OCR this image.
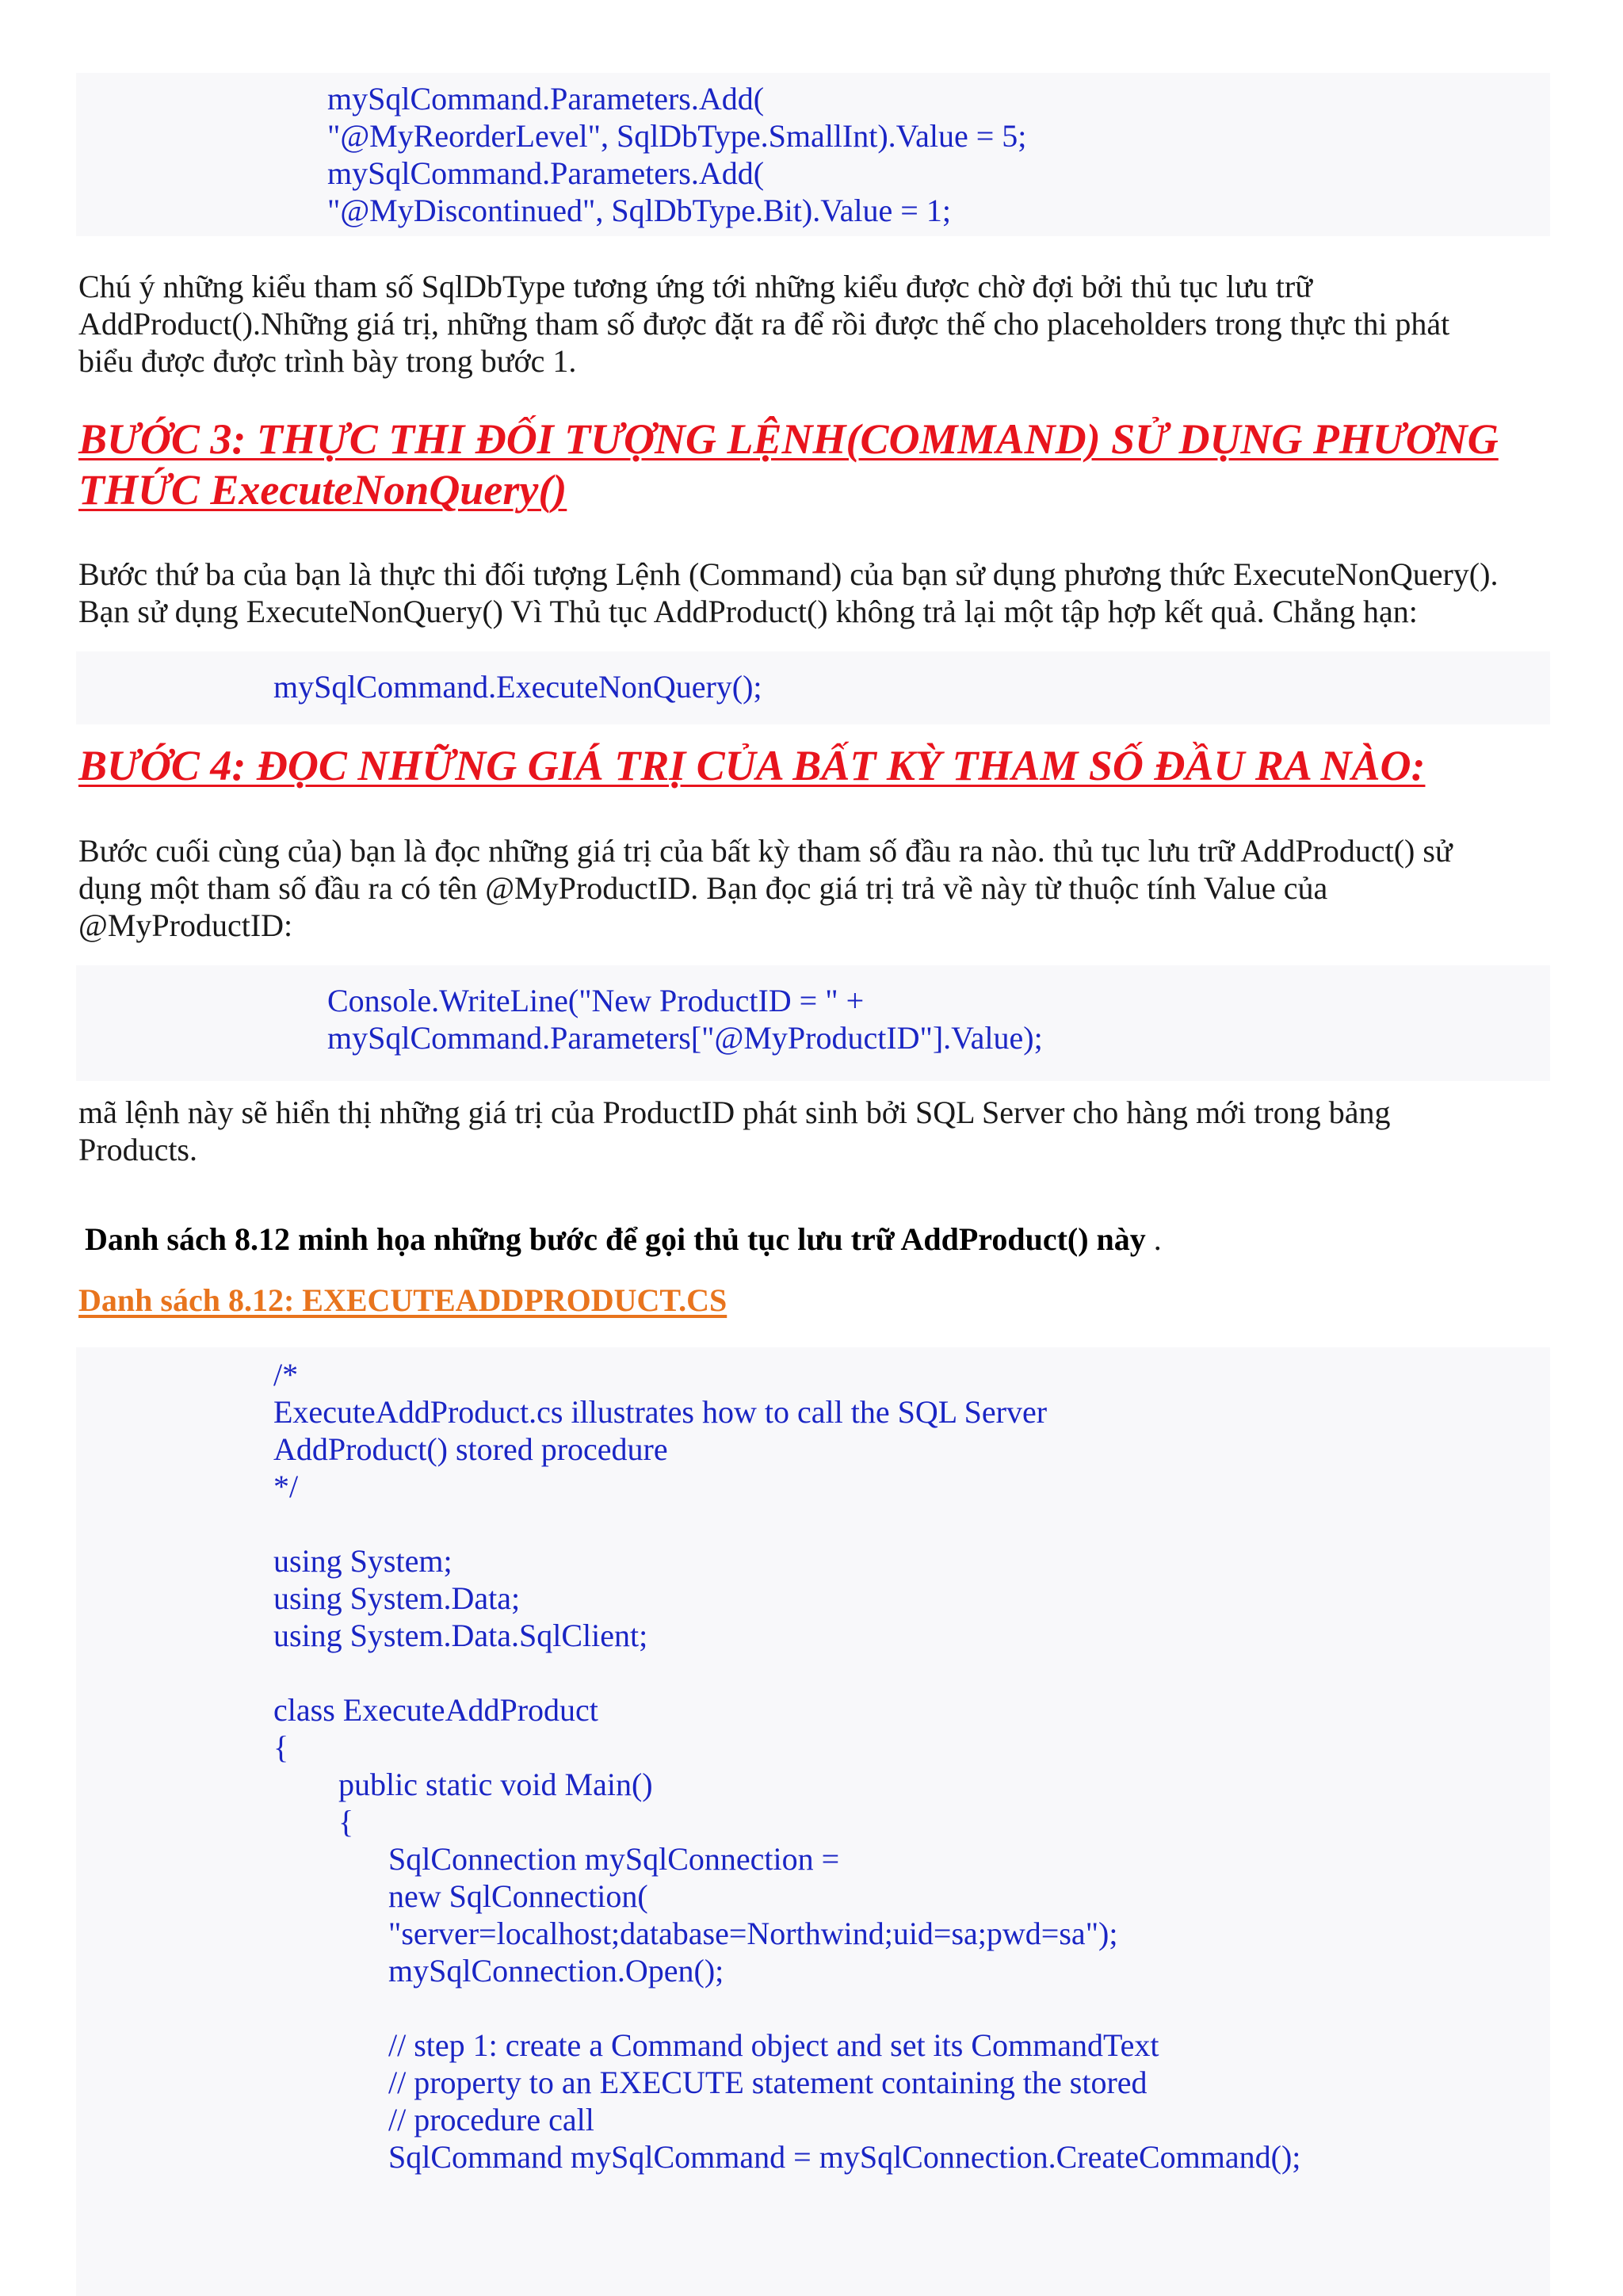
mySqlCommand.Parameters.Add(
"@MyReorderLevel", SqlDbType.SmallInt).Value = 5;
mySqlCommand.Parameters.Add(
"@MyDiscontinued", SqlDbType.Bit).Value = 1;
Chú ý những kiểu tham số SqlDbType tương ứng tới những kiểu được chờ đợi bởi thủ tục lưu trữ
AddProduct().Những giá trị, những tham số được đặt ra để rồi được thế cho placeholders trong thực thi phát
biểu được được trình bày trong bước 1.
BƯỚC 3: THỰC THI ĐỐI TƯỢNG LỆNH(COMMAND) SỬ DỤNG PHƯƠNG
THỨC ExecuteNonQuery()
Bước thứ ba của bạn là thực thi đối tượng Lệnh (Command) của bạn sử dụng phương thức ExecuteNonQuery().
Bạn sử dụng ExecuteNonQuery() Vì Thủ tục AddProduct() không trả lại một tập hợp kết quả. Chẳng hạn:
mySqlCommand.ExecuteNonQuery();
BƯỚC 4: ĐỌC NHỮNG GIÁ TRỊ CỦA BẤT KỲ THAM SỐ ĐẦU RA NÀO:
Bước cuối cùng của) bạn là đọc những giá trị của bất kỳ tham số đầu ra nào. thủ tục lưu trữ AddProduct() sử
dụng một tham số đầu ra có tên @MyProductID. Bạn đọc giá trị trả về này từ thuộc tính Value của
@MyProductID:
Console.WriteLine("New ProductID = " +
mySqlCommand.Parameters["@MyProductID"].Value);
mã lệnh này sẽ hiển thị những giá trị của ProductID phát sinh bởi SQL Server cho hàng mới trong bảng
Products.

Danh sách 8.12 minh họa những bước để gọi thủ tục lưu trữ AddProduct() này .

Danh sách 8.12: EXECUTEADDPRODUCT.CS
/*
ExecuteAddProduct.cs illustrates how to call the SQL Server
AddProduct() stored procedure
*/
using System;
using System.Data;
using System.Data.SqlClient;
class ExecuteAddProduct
{
public static void Main()
{
SqlConnection mySqlConnection =
new SqlConnection(
"server=localhost;database=Northwind;uid=sa;pwd=sa");
mySqlConnection.Open();
// step 1: create a Command object and set its CommandText
// property to an EXECUTE statement containing the stored
// procedure call
SqlCommand mySqlCommand = mySqlConnection.CreateCommand();
